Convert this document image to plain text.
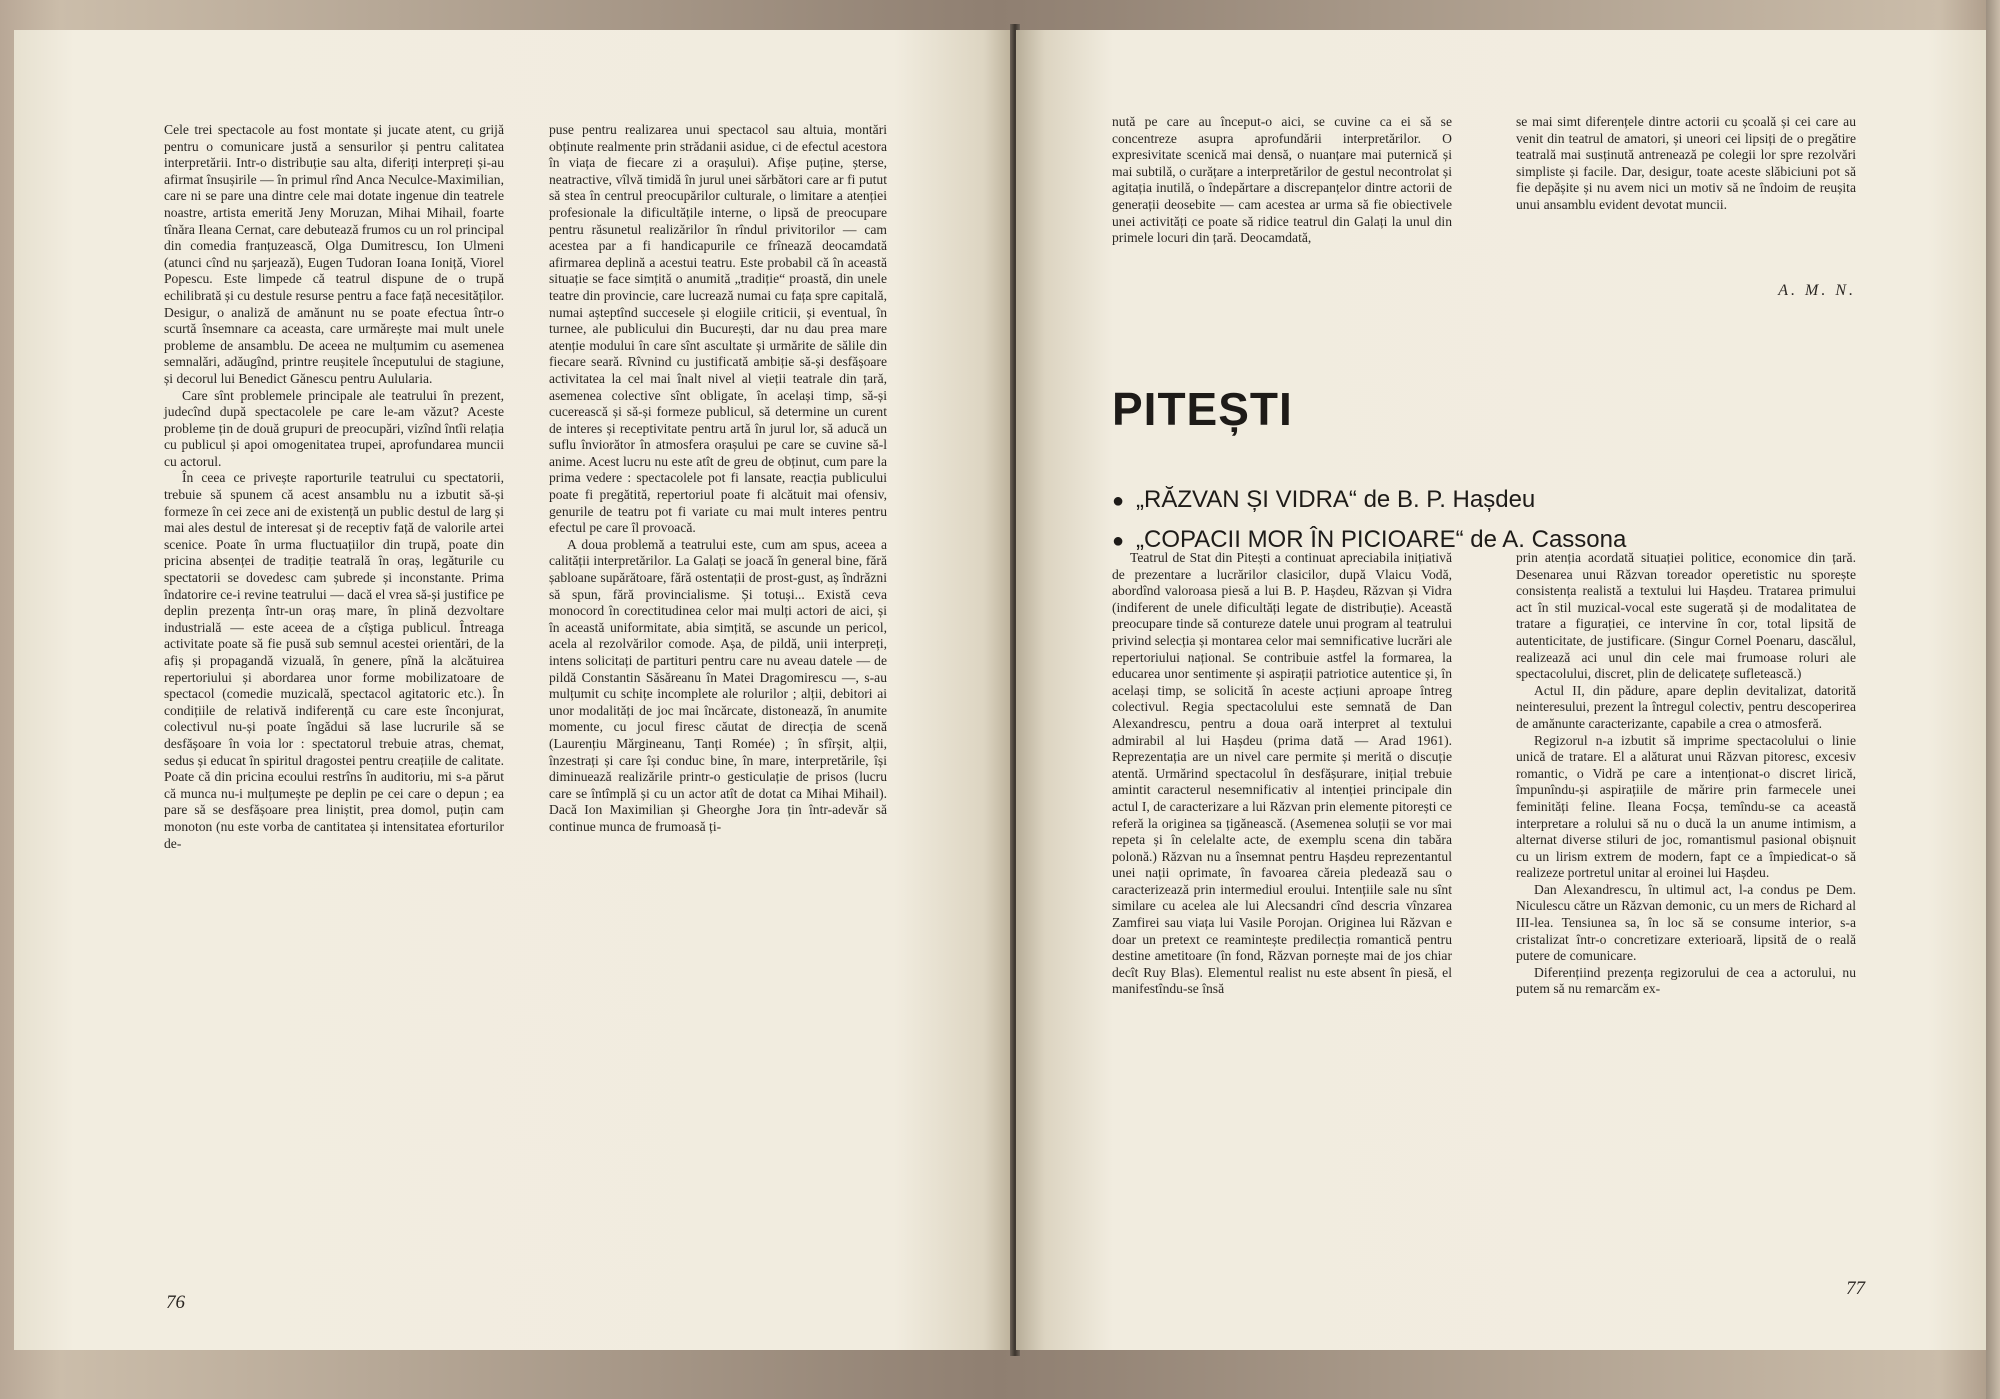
Cele trei spectacole au fost montate și jucate atent, cu grijă pentru o comunicare justă a sensurilor și pentru calitatea interpretării. Intr-o distribuție sau alta, diferiți interpreți și-au afirmat însușirile — în primul rînd Anca Neculce-Maximilian, care ni se pare una dintre cele mai dotate ingenue din teatrele noastre, artista emerită Jeny Moruzan, Mihai Mihail, foarte tînăra Ileana Cernat, care debutează frumos cu un rol principal din comedia franțuzească, Olga Dumitrescu, Ion Ulmeni (atunci cînd nu șarjează), Eugen Tudoran Ioana Ioniță, Viorel Popescu. Este limpede că teatrul dispune de o trupă echilibrată și cu destule resurse pentru a face față necesităților. Desigur, o analiză de amănunt nu se poate efectua într-o scurtă însemnare ca aceasta, care urmărește mai mult unele probleme de ansamblu. De aceea ne mulțumim cu asemenea semnalări, adăugînd, printre reușitele începutului de stagiune, și decorul lui Benedict Gănescu pentru Aulularia.

Care sînt problemele principale ale teatrului în prezent, judecînd după spectacolele pe care le-am văzut? Aceste probleme țin de două grupuri de preocupări, vizînd întîi relația cu publicul și apoi omogenitatea trupei, aprofundarea muncii cu actorul.

În ceea ce privește raporturile teatrului cu spectatorii, trebuie să spunem că acest ansamblu nu a izbutit să-și formeze în cei zece ani de existență un public destul de larg și mai ales destul de interesat și de receptiv față de valorile artei scenice. Poate în urma fluctuațiilor din trupă, poate din pricina absenței de tradiție teatrală în oraș, legăturile cu spectatorii se dovedesc cam șubrede și inconstante. Prima îndatorire ce-i revine teatrului — dacă el vrea să-și justifice pe deplin prezența într-un oraș mare, în plină dezvoltare industrială — este aceea de a cîștiga publicul. Întreaga activitate poate să fie pusă sub semnul acestei orientări, de la afiș și propagandă vizuală, în genere, pînă la alcătuirea repertoriului și abordarea unor forme mobilizatoare de spectacol (comedie muzicală, spectacol agitatoric etc.). În condițiile de relativă indiferență cu care este înconjurat, colectivul nu-și poate îngădui să lase lucrurile să se desfășoare în voia lor : spectatorul trebuie atras, chemat, sedus și educat în spiritul dragostei pentru creațiile de calitate. Poate că din pricina ecoului restrîns în auditoriu, mi s-a părut că munca nu-i mulțumește pe deplin pe cei care o depun ; ea pare să se desfășoare prea liniștit, prea domol, puțin cam monoton (nu este vorba de cantitatea și intensitatea eforturilor de-

puse pentru realizarea unui spectacol sau altuia, montări obținute realmente prin strădanii asidue, ci de efectul acestora în viața de fiecare zi a orașului). Afișe puține, șterse, neatractive, vîlvă timidă în jurul unei sărbători care ar fi putut să stea în centrul preocupărilor culturale, o limitare a atenției profesionale la dificultățile interne, o lipsă de preocupare pentru răsunetul realizărilor în rîndul privitorilor — cam acestea par a fi handicapurile ce frînează deocamdată afirmarea deplină a acestui teatru. Este probabil că în această situație se face simțită o anumită „tradiție“ proastă, din unele teatre din provincie, care lucrează numai cu fața spre capitală, numai așteptînd succesele și elogiile criticii, și eventual, în turnee, ale publicului din București, dar nu dau prea mare atenție modului în care sînt ascultate și urmărite de sălile din fiecare seară. Rîvnind cu justificată ambiție să-și desfășoare activitatea la cel mai înalt nivel al vieții teatrale din țară, asemenea colective sînt obligate, în același timp, să-și cucerească și să-și formeze publicul, să determine un curent de interes și receptivitate pentru artă în jurul lor, să aducă un suflu înviorător în atmosfera orașului pe care se cuvine să-l anime. Acest lucru nu este atît de greu de obținut, cum pare la prima vedere : spectacolele pot fi lansate, reacția publicului poate fi pregătită, repertoriul poate fi alcătuit mai ofensiv, genurile de teatru pot fi variate cu mai mult interes pentru efectul pe care îl provoacă.

A doua problemă a teatrului este, cum am spus, aceea a calității interpretărilor. La Galați se joacă în general bine, fără șabloane supărătoare, fără ostentații de prost-gust, aș îndrăzni să spun, fără provincialisme. Și totuși... Există ceva monocord în corectitudinea celor mai mulți actori de aici, și în această uniformitate, abia simțită, se ascunde un pericol, acela al rezolvărilor comode. Așa, de pildă, unii interpreți, intens solicitați de partituri pentru care nu aveau datele — de pildă Constantin Săsăreanu în Matei Dragomirescu —, s-au mulțumit cu schițe incomplete ale rolurilor ; alții, debitori ai unor modalități de joc mai încărcate, distonează, în anumite momente, cu jocul firesc căutat de direcția de scenă (Laurențiu Mărgineanu, Tanți Romée) ; în sfîrșit, alții, înzestrați și care își conduc bine, în mare, interpretările, își diminuează realizările printr-o gesticulație de prisos (lucru care se întîmplă și cu un actor atît de dotat ca Mihai Mihail). Dacă Ion Maximilian și Gheorghe Jora țin într-adevăr să continue munca de frumoasă ți-

76

nută pe care au început-o aici, se cuvine ca ei să se concentreze asupra aprofundării interpretărilor. O expresivitate scenică mai densă, o nuanțare mai puternică și mai subtilă, o curățare a interpretărilor de gestul necontrolat și agitația inutilă, o îndepărtare a discrepanțelor dintre actorii de generații deosebite — cam acestea ar urma să fie obiectivele unei activități ce poate să ridice teatrul din Galați la unul din primele locuri din țară. Deocamdată,

se mai simt diferențele dintre actorii cu școală și cei care au venit din teatrul de amatori, și uneori cei lipsiți de o pregătire teatrală mai susținută antrenează pe colegii lor spre rezolvări simpliste și facile. Dar, desigur, toate aceste slăbiciuni pot să fie depășite și nu avem nici un motiv să ne îndoim de reușita unui ansamblu evident devotat muncii.

A. M. N.
PITEȘTI
● „RĂZVAN ȘI VIDRA“ de B. P. Hașdeu
● „COPACII MOR ÎN PICIOARE“ de A. Cassona

Teatrul de Stat din Pitești a continuat apreciabila inițiativă de prezentare a lucrărilor clasicilor, după Vlaicu Vodă, abordînd valoroasa piesă a lui B. P. Hașdeu, Răzvan și Vidra (indiferent de unele dificultăți legate de distribuție). Această preocupare tinde să contureze datele unui program al teatrului privind selecția și montarea celor mai semnificative lucrări ale repertoriului național. Se contribuie astfel la formarea, la educarea unor sentimente și aspirații patriotice autentice și, în același timp, se solicită în aceste acțiuni aproape întreg colectivul. Regia spectacolului este semnată de Dan Alexandrescu, pentru a doua oară interpret al textului admirabil al lui Hașdeu (prima dată — Arad 1961). Reprezentația are un nivel care permite și merită o discuție atentă. Urmărind spectacolul în desfășurare, inițial trebuie amintit caracterul nesemnificativ al intenției principale din actul I, de caracterizare a lui Răzvan prin elemente pitorești ce referă la originea sa țigănească. (Asemenea soluții se vor mai repeta și în celelalte acte, de exemplu scena din tabăra polonă.) Răzvan nu a însemnat pentru Hașdeu reprezentantul unei nații oprimate, în favoarea căreia pledează sau o caracterizează prin intermediul eroului. Intențiile sale nu sînt similare cu acelea ale lui Alecsandri cînd descria vînzarea Zamfirei sau viața lui Vasile Porojan. Originea lui Răzvan e doar un pretext ce reamintește predilecția romantică pentru destine ametitoare (în fond, Răzvan pornește mai de jos chiar decît Ruy Blas). Elementul realist nu este absent în piesă, el manifestîndu-se însă

prin atenția acordată situației politice, economice din țară. Desenarea unui Răzvan toreador operetistic nu sporește consistența realistă a textului lui Hașdeu. Tratarea primului act în stil muzical-vocal este sugerată și de modalitatea de tratare a figurației, ce intervine în cor, total lipsită de autenticitate, de justificare. (Singur Cornel Poenaru, dascălul, realizează aci unul din cele mai frumoase roluri ale spectacolului, discret, plin de delicatețe sufletească.)

Actul II, din pădure, apare deplin devitalizat, datorită neinteresului, prezent la întregul colectiv, pentru descoperirea de amănunte caracterizante, capabile a crea o atmosferă.

Regizorul n-a izbutit să imprime spectacolului o linie unică de tratare. El a alăturat unui Răzvan pitoresc, excesiv romantic, o Vidră pe care a intenționat-o discret lirică, împunîndu-și aspirațiile de mărire prin farmecele unei feminități feline. Ileana Focșa, temîndu-se ca această interpretare a rolului să nu o ducă la un anume intimism, a alternat diverse stiluri de joc, romantismul pasional obișnuit cu un lirism extrem de modern, fapt ce a împiedicat-o să realizeze portretul unitar al eroinei lui Hașdeu.

Dan Alexandrescu, în ultimul act, l-a condus pe Dem. Niculescu către un Răzvan demonic, cu un mers de Richard al III-lea. Tensiunea sa, în loc să se consume interior, s-a cristalizat într-o concretizare exterioară, lipsită de o reală putere de comunicare.

Diferențiind prezența regizorului de cea a actorului, nu putem să nu remarcăm ex-

77
